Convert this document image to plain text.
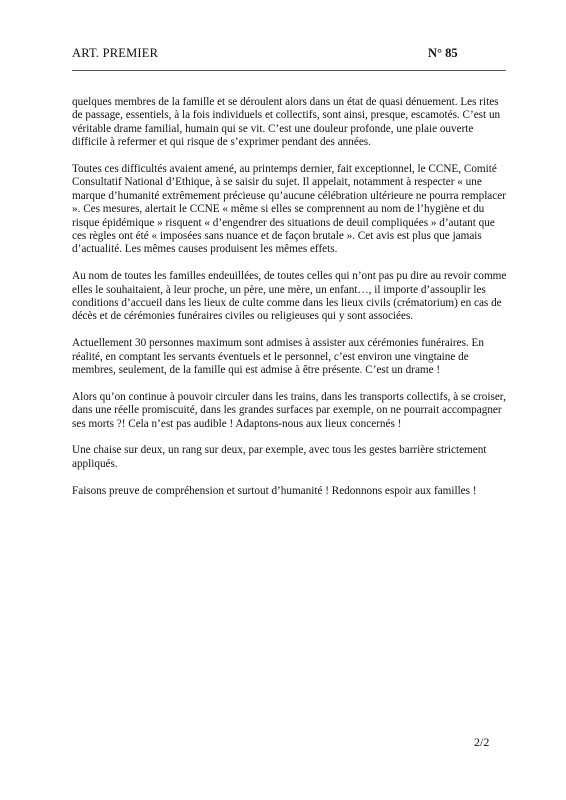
ART. PREMIER	N° 85

quelques membres de la famille et se déroulent alors dans un état de quasi dénuement. Les rites de passage, essentiels, à la fois individuels et collectifs, sont ainsi, presque, escamotés. C’est un véritable drame familial, humain qui se vit. C’est une douleur profonde, une plaie ouverte difficile à refermer et qui risque de s’exprimer pendant des années.

Toutes ces difficultés avaient amené, au printemps dernier, fait exceptionnel, le CCNE, Comité Consultatif National d’Ethique, à se saisir du sujet. Il appelait, notamment à respecter « une marque d’humanité extrêmement précieuse qu’aucune célébration ultérieure ne pourra remplacer ». Ces mesures, alertait le CCNE « même si elles se comprennent au nom de l’hygiène et du risque épidémique » risquent « d’engendrer des situations de deuil compliquées » d’autant que ces règles ont été « imposées sans nuance et de façon brutale ». Cet avis est plus que jamais d’actualité. Les mêmes causes produisent les mêmes effets.

Au nom de toutes les familles endeuillées, de toutes celles qui n’ont pas pu dire au revoir comme elles le souhaitaient, à leur proche, un père, une mère, un enfant…, il importe d’assouplir les conditions d’accueil dans les lieux de culte comme dans les lieux civils (crématorium) en cas de décès et de cérémonies funéraires civiles ou religieuses qui y sont associées.

Actuellement 30 personnes maximum sont admises à assister aux cérémonies funéraires. En réalité, en comptant les servants éventuels et le personnel, c’est environ une vingtaine de membres, seulement, de la famille qui est admise à être présente. C’est un drame !

Alors qu’on continue à pouvoir circuler dans les trains, dans les transports collectifs, à se croiser, dans une réelle promiscuité, dans les grandes surfaces par exemple, on ne pourrait accompagner ses morts ?! Cela n’est pas audible ! Adaptons-nous aux lieux concernés !

Une chaise sur deux, un rang sur deux, par exemple, avec tous les gestes barrière strictement appliqués.

Faisons preuve de compréhension et surtout d’humanité ! Redonnons espoir aux familles !

2/2
